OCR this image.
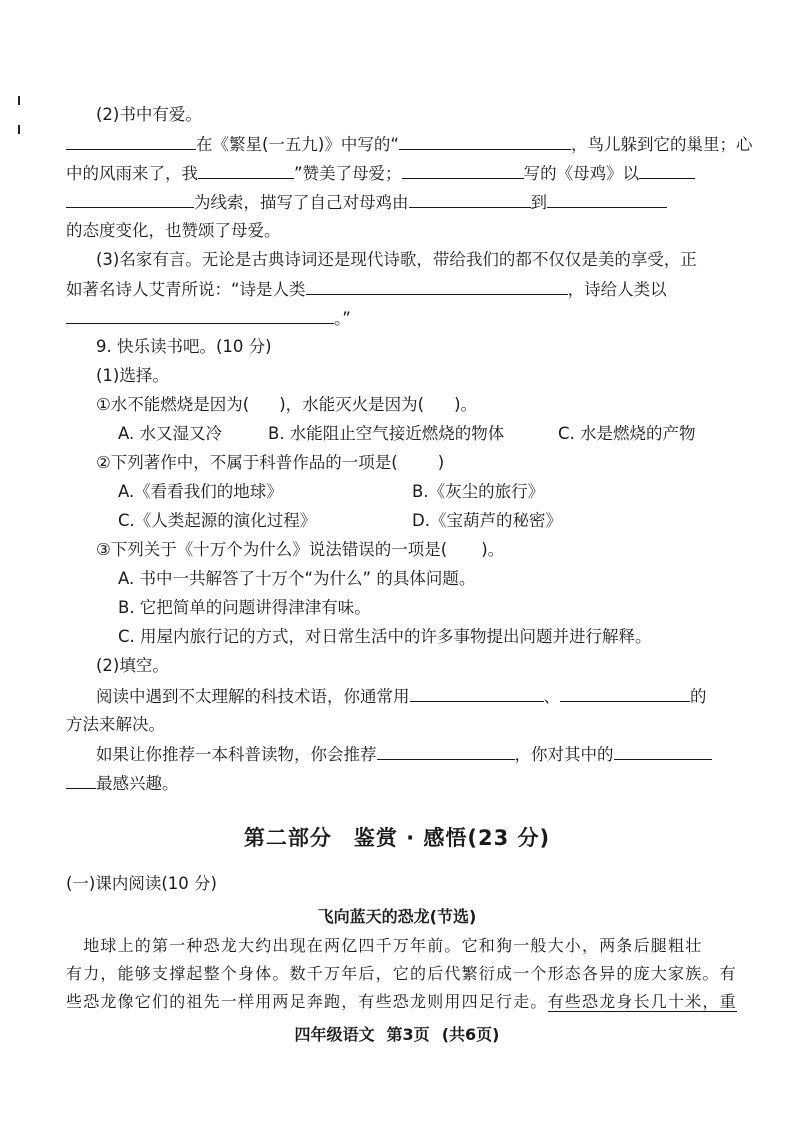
(2)书中有爱。
在《繁星(一五九)》中写的“	，鸟儿躲到它的巢里；心
中的风雨来了，我	”赞美了母爱；	写的《母鸡》以
为线索，描写了自己对母鸡由	到
的态度变化，也赞颂了母爱。
(3)名家有言。无论是古典诗词还是现代诗歌，带给我们的都不仅仅是美的享受，正
如著名诗人艾青所说：“诗是人类	，诗给人类以
。”
9. 快乐读书吧。(10 分)
(1)选择。
①水不能燃烧是因为( )，水能灭火是因为( )。
A. 水又湿又冷	B. 水能阻止空气接近燃烧的物体	C. 水是燃烧的产物
②下列著作中，不属于科普作品的一项是( )
A.《看看我们的地球》	B.《灰尘的旅行》
C.《人类起源的演化过程》	D.《宝葫芦的秘密》
③下列关于《十万个为什么》说法错误的一项是( )。
A. 书中一共解答了十万个“为什么” 的具体问题。
B. 它把简单的问题讲得津津有味。
C. 用屋内旅行记的方式，对日常生活中的许多事物提出问题并进行解释。
(2)填空。
阅读中遇到不太理解的科技术语，你通常用	、	的
方法来解决。
如果让你推荐一本科普读物，你会推荐	，你对其中的
最感兴趣。
第二部分　鉴赏 · 感悟(23 分)
(一)课内阅读(10 分)
飞向蓝天的恐龙(节选)
　地球上的第一种恐龙大约出现在两亿四千万年前。它和狗一般大小，两条后腿粗壮
有力，能够支撑起整个身体。数千万年后，它的后代繁衍成一个形态各异的庞大家族。有
些恐龙像它们的祖先一样用两足奔跑，有些恐龙则用四足行走。有些恐龙身长几十米，重
四年级语文 第3页 (共6页)
